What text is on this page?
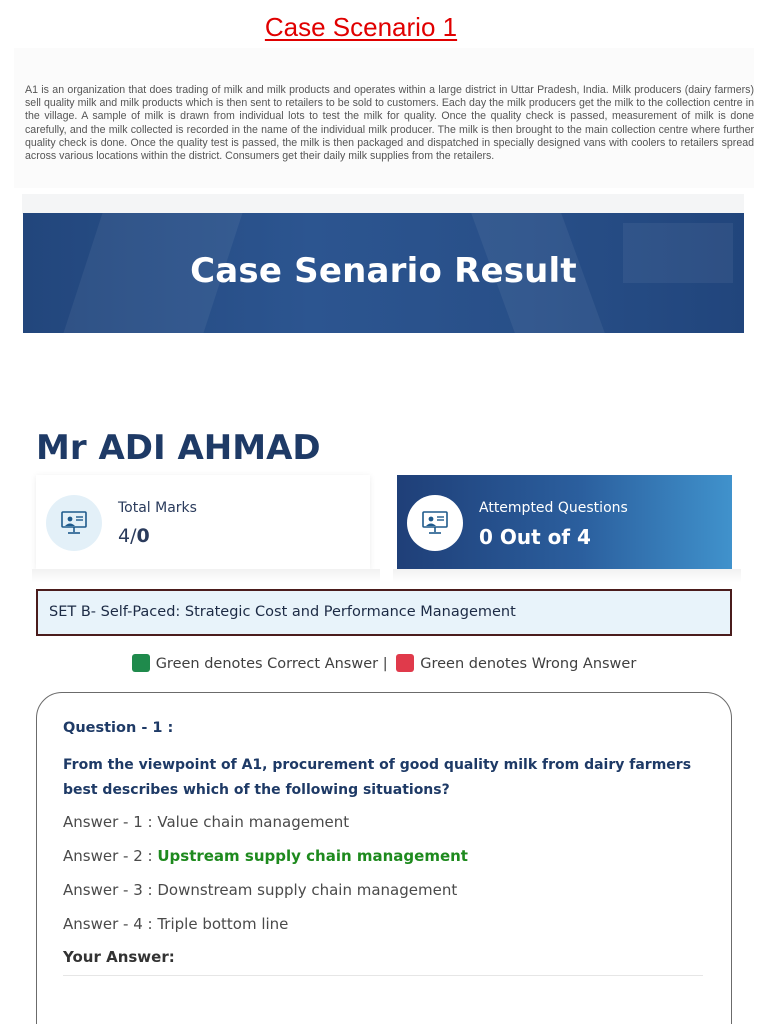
Case Scenario 1
A1 is an organization that does trading of milk and milk products and operates within a large district in Uttar Pradesh, India. Milk producers (dairy farmers) sell quality milk and milk products which is then sent to retailers to be sold to customers. Each day the milk producers get the milk to the collection centre in the village. A sample of milk is drawn from individual lots to test the milk for quality. Once the quality check is passed, measurement of milk is done carefully, and the milk collected is recorded in the name of the individual milk producer. The milk is then brought to the main collection centre where further quality check is done. Once the quality test is passed, the milk is then packaged and dispatched in specially designed vans with coolers to retailers spread across various locations within the district. Consumers get their daily milk supplies from the retailers.
Case Senario Result
Mr ADI AHMAD
Total Marks
4/0
Attempted Questions
0 Out of 4
SET B- Self-Paced: Strategic Cost and Performance Management
Green denotes Correct Answer | Green denotes Wrong Answer
Question - 1 :
From the viewpoint of A1, procurement of good quality milk from dairy farmers best describes which of the following situations?
Answer - 1 : Value chain management
Answer - 2 : Upstream supply chain management
Answer - 3 : Downstream supply chain management
Answer - 4 : Triple bottom line
Your Answer:
